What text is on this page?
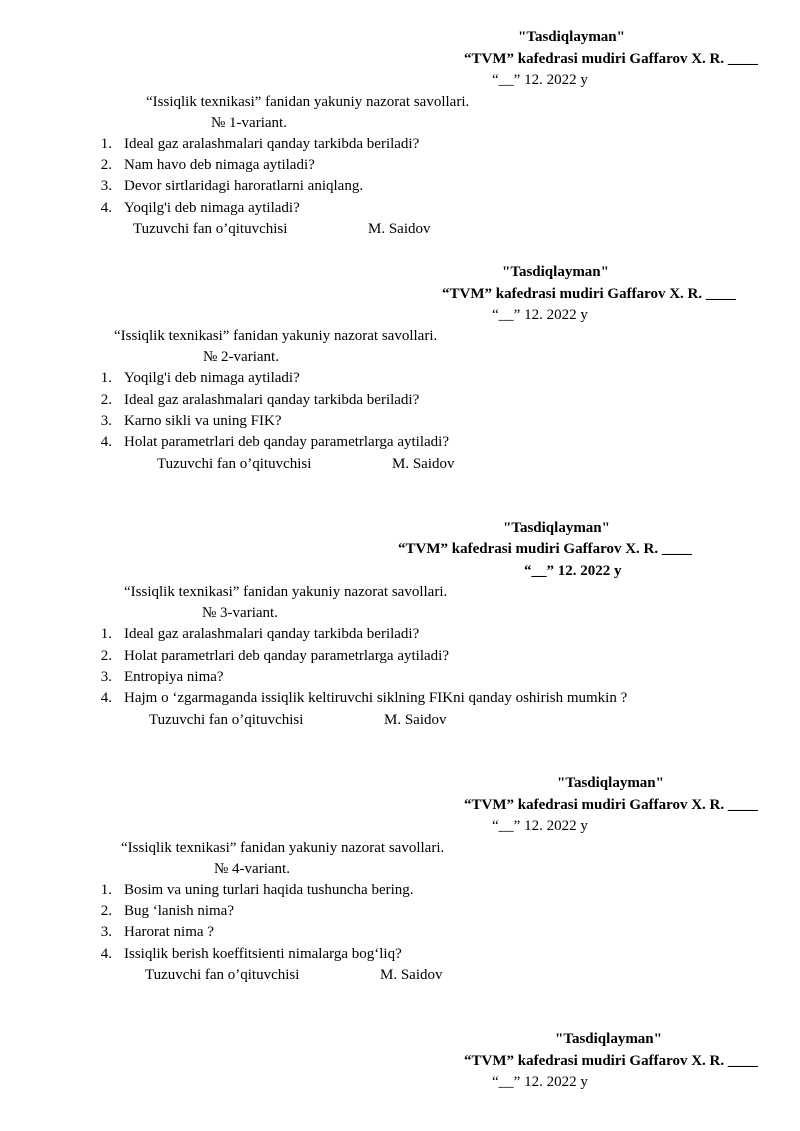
"Tasdiqlayman"
“TVM” kafedrasi mudiri Gaffarov X. R. ____
“__” 12. 2022 y
“Issiqlik texnikasi” fanidan yakuniy nazorat savollari.
№ 1-variant.
1. Ideal gaz aralashmalari qanday tarkibda beriladi?
2. Nam havo deb nimaga aytiladi?
3. Devor sirtlaridagi haroratlarni aniqlang.
4. Yoqilg'i deb nimaga aytiladi?
Tuzuvchi fan o’qituvchisi	M. Saidov
"Tasdiqlayman"
“TVM” kafedrasi mudiri Gaffarov X. R. ____
“__” 12. 2022 y
“Issiqlik texnikasi” fanidan yakuniy nazorat savollari.
№ 2-variant.
1. Yoqilg'i deb nimaga aytiladi?
2. Ideal gaz aralashmalari qanday tarkibda beriladi?
3. Karno sikli va uning FIK?
4. Holat parametrlari deb qanday parametrlarga aytiladi?
Tuzuvchi fan o’qituvchisi	M. Saidov
"Tasdiqlayman"
“TVM” kafedrasi mudiri Gaffarov X. R. ____
“__” 12. 2022 y
“Issiqlik texnikasi” fanidan yakuniy nazorat savollari.
№ 3-variant.
1. Ideal gaz aralashmalari qanday tarkibda beriladi?
2. Holat parametrlari deb qanday parametrlarga aytiladi?
3. Entropiya nima?
4. Hajm o ‘zgarmaganda issiqlik keltiruvchi siklning FIKni qanday oshirish mumkin ?
Tuzuvchi fan o’qituvchisi	M. Saidov
"Tasdiqlayman"
“TVM” kafedrasi mudiri Gaffarov X. R. ____
“__” 12. 2022 y
“Issiqlik texnikasi” fanidan yakuniy nazorat savollari.
№ 4-variant.
1. Bosim va uning turlari haqida tushuncha bering.
2. Bug ‘lanish nima?
3. Harorat nima ?
4. Issiqlik berish koeffitsienti nimalarga bog‘liq?
Tuzuvchi fan o’qituvchisi	M. Saidov
"Tasdiqlayman"
“TVM” kafedrasi mudiri Gaffarov X. R. ____
“__” 12. 2022 y
